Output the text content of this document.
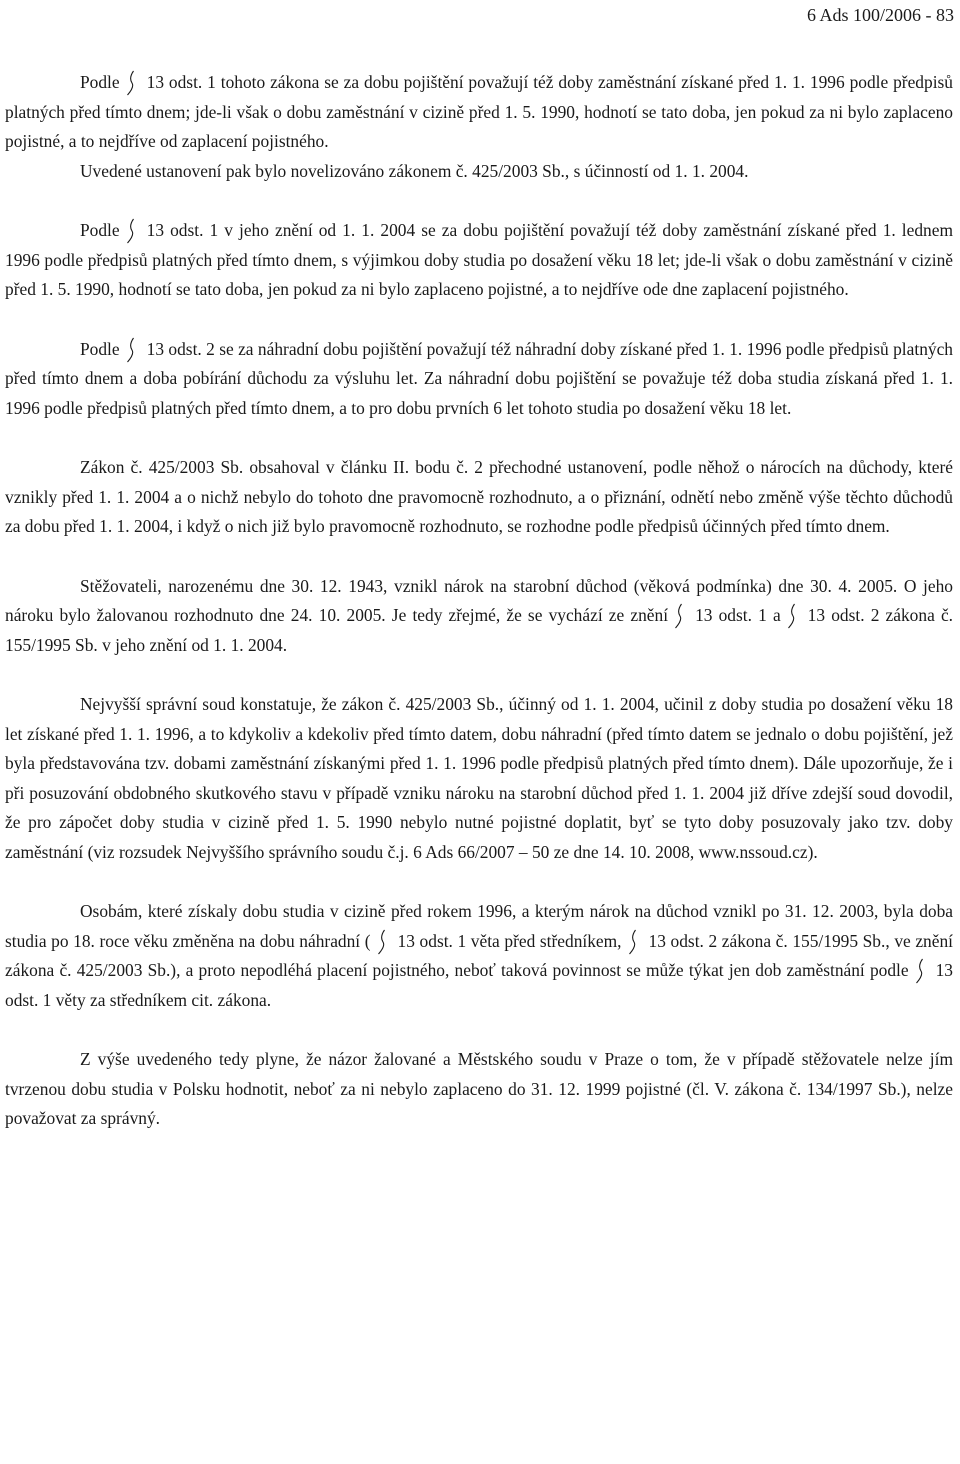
6 Ads 100/2006 - 83

Podle 13 odst. 1 tohoto zákona se za dobu pojištění považují též doby zaměstnání získané před 1. 1. 1996 podle předpisů platných před tímto dnem; jde-li však o dobu zaměstnání v cizině před 1. 5. 1990, hodnotí se tato doba, jen pokud za ni bylo zaplaceno pojistné, a to nejdříve od zaplacení pojistného.

Uvedené ustanovení pak bylo novelizováno zákonem č. 425/2003 Sb., s účinností od 1. 1. 2004.

Podle 13 odst. 1 v jeho znění od 1. 1. 2004 se za dobu pojištění považují též doby zaměstnání získané před 1. lednem 1996 podle předpisů platných před tímto dnem, s výjimkou doby studia po dosažení věku 18 let; jde-li však o dobu zaměstnání v cizině před 1. 5. 1990, hodnotí se tato doba, jen pokud za ni bylo zaplaceno pojistné, a to nejdříve ode dne zaplacení pojistného.

Podle 13 odst. 2 se za náhradní dobu pojištění považují též náhradní doby získané před 1. 1. 1996 podle předpisů platných před tímto dnem a doba pobírání důchodu za výsluhu let. Za náhradní dobu pojištění se považuje též doba studia získaná před 1. 1. 1996 podle předpisů platných před tímto dnem, a to pro dobu prvních 6 let tohoto studia po dosažení věku 18 let.

Zákon č. 425/2003 Sb. obsahoval v článku II. bodu č. 2 přechodné ustanovení, podle něhož o nárocích na důchody, které vznikly před 1. 1. 2004 a o nichž nebylo do tohoto dne pravomocně rozhodnuto, a o přiznání, odnětí nebo změně výše těchto důchodů za dobu před 1. 1. 2004, i když o nich již bylo pravomocně rozhodnuto, se rozhodne podle předpisů účinných před tímto dnem.

Stěžovateli, narozenému dne 30. 12. 1943, vznikl nárok na starobní důchod (věková podmínka) dne 30. 4. 2005. O jeho nároku bylo žalovanou rozhodnuto dne 24. 10. 2005. Je tedy zřejmé, že se vychází ze znění 13 odst. 1 a 13 odst. 2 zákona č. 155/1995 Sb. v jeho znění od 1. 1. 2004.

Nejvyšší správní soud konstatuje, že zákon č. 425/2003 Sb., účinný od 1. 1. 2004, učinil z doby studia po dosažení věku 18 let získané před 1. 1. 1996, a to kdykoliv a kdekoliv před tímto datem, dobu náhradní (před tímto datem se jednalo o dobu pojištění, jež byla představována tzv. dobami zaměstnání získanými před 1. 1. 1996 podle předpisů platných před tímto dnem). Dále upozorňuje, že i při posuzování obdobného skutkového stavu v případě vzniku nároku na starobní důchod před 1. 1. 2004 již dříve zdejší soud dovodil, že pro zápočet doby studia v cizině před 1. 5. 1990 nebylo nutné pojistné doplatit, byť se tyto doby posuzovaly jako tzv. doby zaměstnání (viz rozsudek Nejvyššího správního soudu č.j. 6 Ads 66/2007 – 50 ze dne 14. 10. 2008, www.nssoud.cz).

Osobám, které získaly dobu studia v cizině před rokem 1996, a kterým nárok na důchod vznikl po 31. 12. 2003, byla doba studia po 18. roce věku změněna na dobu náhradní ( 13 odst. 1 věta před středníkem, 13 odst. 2 zákona č. 155/1995 Sb., ve znění zákona č. 425/2003 Sb.), a proto nepodléhá placení pojistného, neboť taková povinnost se může týkat jen dob zaměstnání podle 13 odst. 1 věty za středníkem cit. zákona.

Z výše uvedeného tedy plyne, že názor žalované a Městského soudu v Praze o tom, že v případě stěžovatele nelze jím tvrzenou dobu studia v Polsku hodnotit, neboť za ni nebylo zaplaceno do 31. 12. 1999 pojistné (čl. V. zákona č. 134/1997 Sb.), nelze považovat za správný.
